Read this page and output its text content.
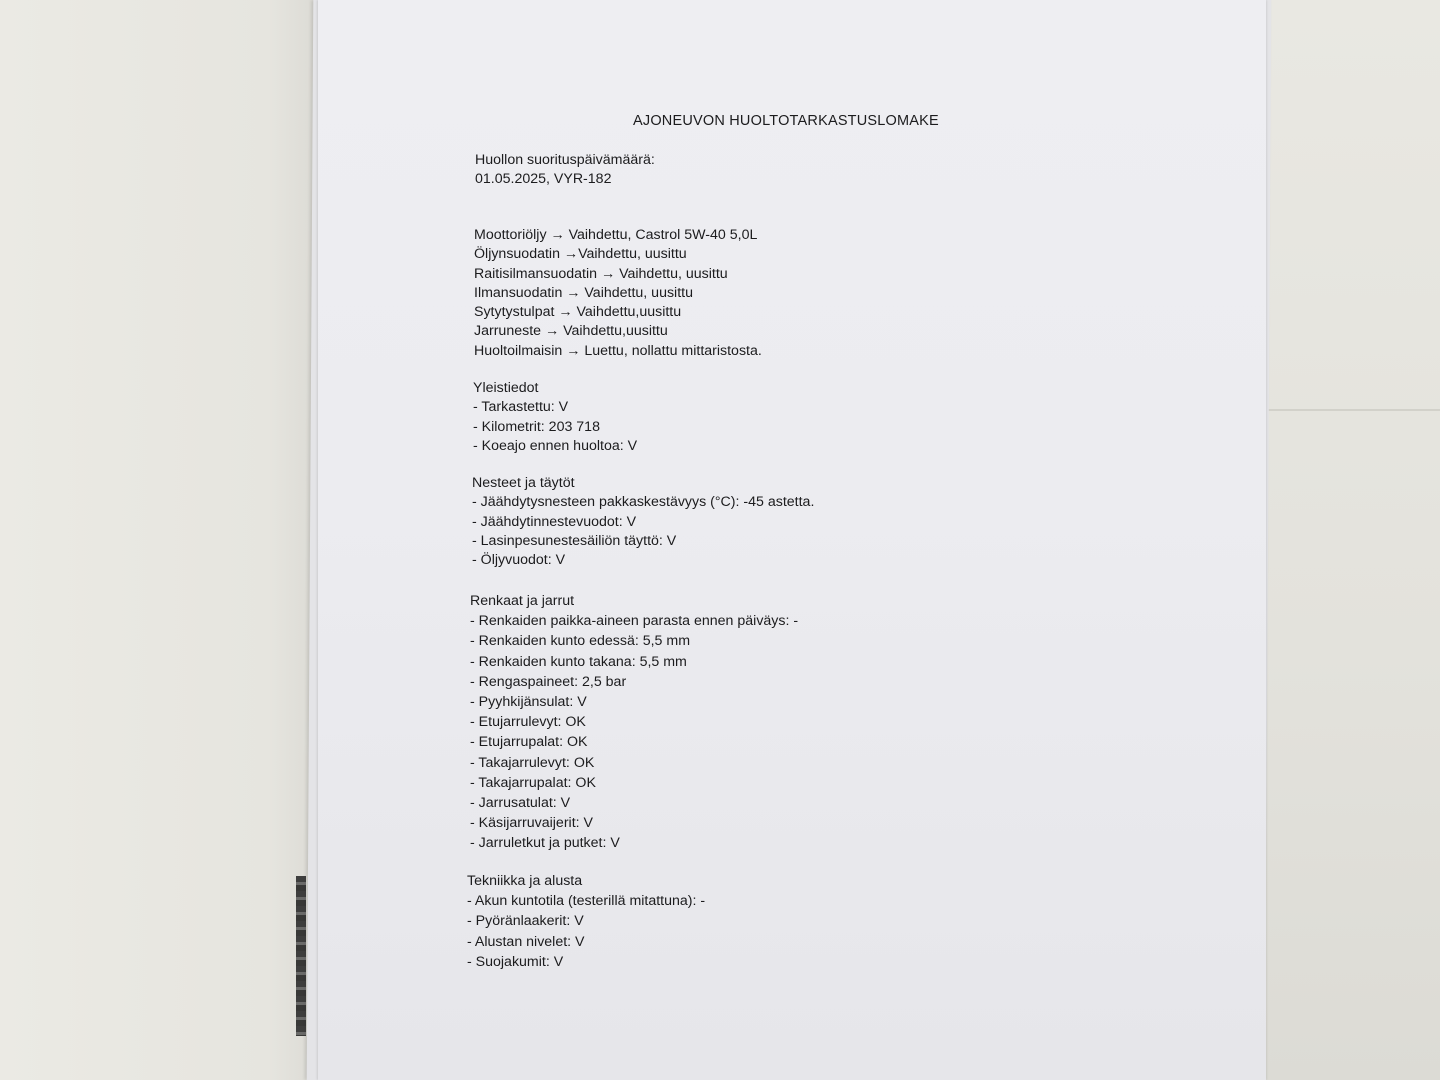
AJONEUVON HUOLTOTARKASTUSLOMAKE
Huollon suorituspäivämäärä:
01.05.2025, VYR-182
Moottoriöljy → Vaihdettu, Castrol 5W-40 5,0L
Öljynsuodatin →Vaihdettu, uusittu
Raitisilmansuodatin → Vaihdettu, uusittu
Ilmansuodatin → Vaihdettu, uusittu
Sytytystulpat → Vaihdettu,uusittu
Jarruneste → Vaihdettu,uusittu
Huoltoilmaisin → Luettu, nollattu mittaristosta.
Yleistiedot
- Tarkastettu: V
- Kilometrit: 203 718
- Koeajo ennen huoltoa: V
Nesteet ja täytöt
- Jäähdytysnesteen pakkaskestävyys (°C): -45 astetta.
- Jäähdytinnestevuodot: V
- Lasinpesunestesäiliön täyttö: V
- Öljyvuodot: V
Renkaat ja jarrut
- Renkaiden paikka-aineen parasta ennen päiväys: -
- Renkaiden kunto edessä: 5,5 mm
- Renkaiden kunto takana: 5,5 mm
- Rengaspaineet: 2,5 bar
- Pyyhkijänsulat: V
- Etujarrulevyt: OK
- Etujarrupalat: OK
- Takajarrulevyt: OK
- Takajarrupalat: OK
- Jarrusatulat: V
- Käsijarruvaijerit: V
- Jarruletkut ja putket: V
Tekniikka ja alusta
- Akun kuntotila (testerillä mitattuna): -
- Pyöränlaakerit: V
- Alustan nivelet: V
- Suojakumit: V
